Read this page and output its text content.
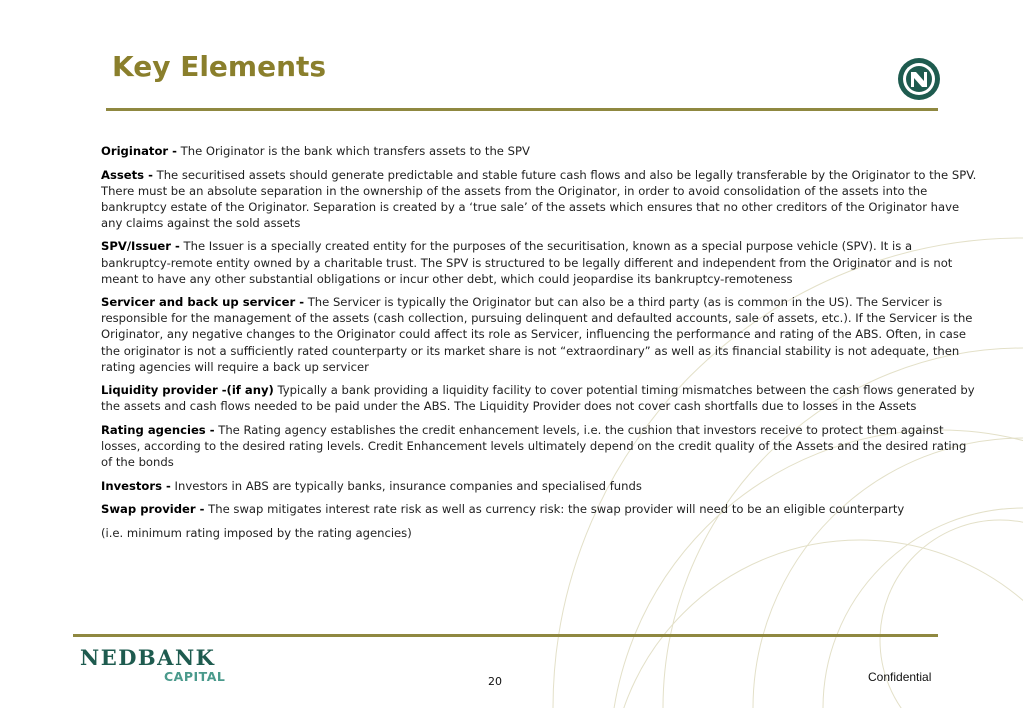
Key Elements

Originator - The Originator is the bank which transfers assets to the SPV

Assets - The securitised assets should generate predictable and stable future cash flows and also be legally transferable by the Originator to the SPV. There must be an absolute separation in the ownership of the assets from the Originator, in order to avoid consolidation of the assets into the bankruptcy estate of the Originator. Separation is created by a ‘true sale’ of the assets which ensures that no other creditors of the Originator have any claims against the sold assets

SPV/Issuer - The Issuer is a specially created entity for the purposes of the securitisation, known as a special purpose vehicle (SPV). It is a bankruptcy-remote entity owned by a charitable trust. The SPV is structured to be legally different and independent from the Originator and is not meant to have any other substantial obligations or incur other debt, which could jeopardise its bankruptcy-remoteness

Servicer and back up servicer - The Servicer is typically the Originator but can also be a third party (as is common in the US). The Servicer is responsible for the management of the assets (cash collection, pursuing delinquent and defaulted accounts, sale of assets, etc.). If the Servicer is the Originator, any negative changes to the Originator could affect its role as Servicer, influencing the performance and rating of the ABS. Often, in case the originator is not a sufficiently rated counterparty or its market share is not “extraordinary” as well as its financial stability is not adequate, then rating agencies will require a back up servicer

Liquidity provider -(if any) Typically a bank providing a liquidity facility to cover potential timing mismatches between the cash flows generated by the assets and cash flows needed to be paid under the ABS. The Liquidity Provider does not cover cash shortfalls due to losses in the Assets

Rating agencies - The Rating agency establishes the credit enhancement levels, i.e. the cushion that investors receive to protect them against losses, according to the desired rating levels. Credit Enhancement levels ultimately depend on the credit quality of the Assets and the desired rating of the bonds

Investors - Investors in ABS are typically banks, insurance companies and specialised funds

Swap provider - The swap mitigates interest rate risk as well as currency risk: the swap provider will need to be an eligible counterparty

(i.e. minimum rating imposed by the rating agencies)

NEDBANK
CAPITAL	20	Confidential
